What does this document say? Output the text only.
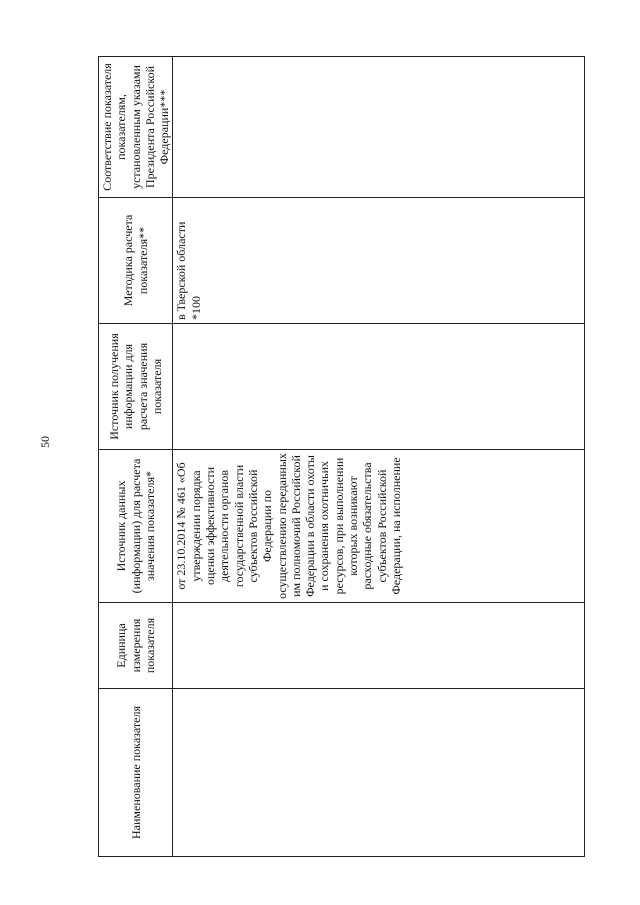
50
Наименование показателя	Единица измерения показателя	Источник данных (информации) для расчета значения показателя*	Источник получения информации для расчета значения показателя	Методика расчета показателя**	Соответствие показателя показателям, установленным указами Президента Российской Федерации***
		от 23.10.2014 № 461 «Об утверждении порядка оценки эффективности деятельности органов государственной власти субъектов Российской Федерации по осуществлению переданных им полномочий Российской Федерации в области охоты и сохранения охотничьих ресурсов, при выполнении которых возникают расходные обязательства субъектов Российской Федерации, на исполнение		в Тверской области *100	
